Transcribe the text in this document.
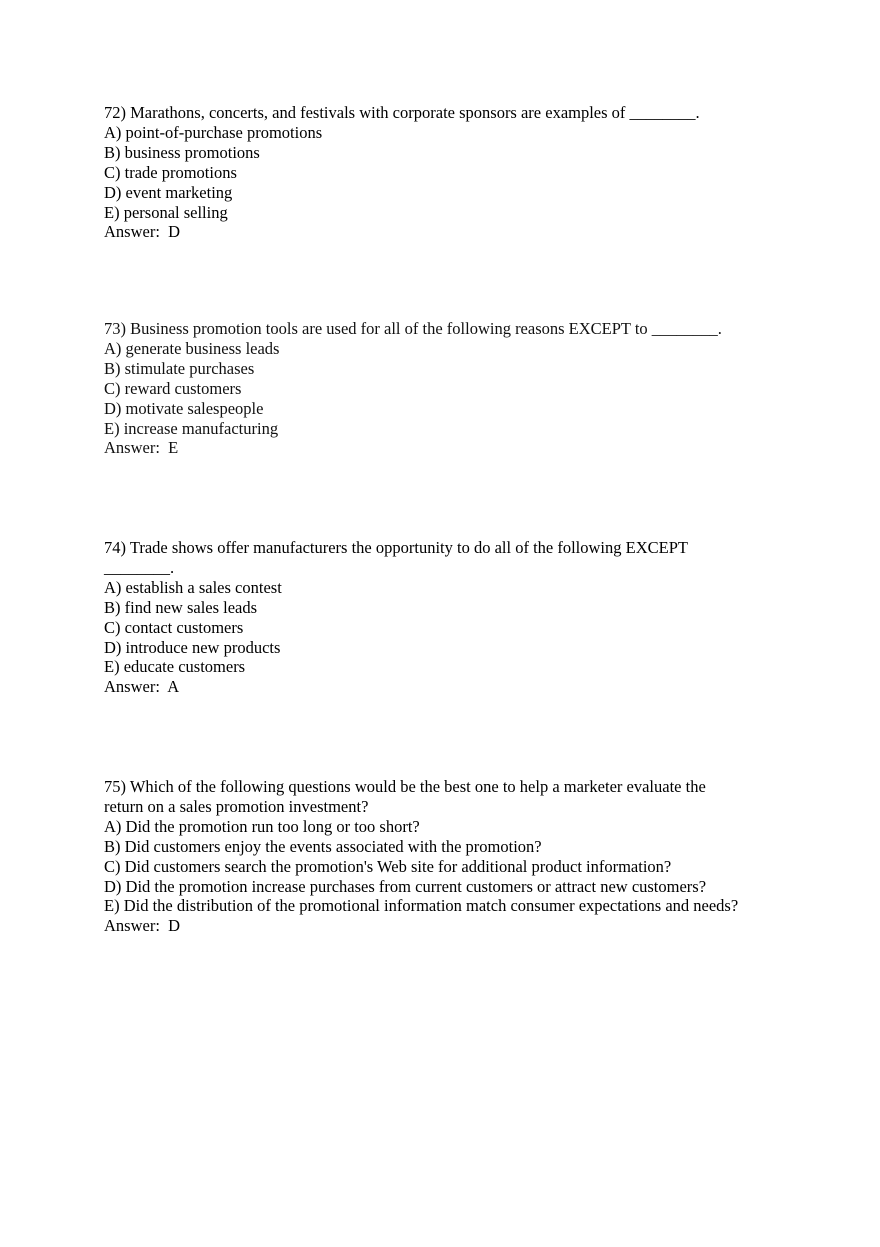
72) Marathons, concerts, and festivals with corporate sponsors are examples of ________.
A) point-of-purchase promotions
B) business promotions
C) trade promotions
D) event marketing
E) personal selling
Answer:  D
73) Business promotion tools are used for all of the following reasons EXCEPT to ________.
A) generate business leads
B) stimulate purchases
C) reward customers
D) motivate salespeople
E) increase manufacturing
Answer:  E
74) Trade shows offer manufacturers the opportunity to do all of the following EXCEPT ________.
A) establish a sales contest
B) find new sales leads
C) contact customers
D) introduce new products
E) educate customers
Answer:  A
75) Which of the following questions would be the best one to help a marketer evaluate the return on a sales promotion investment?
A) Did the promotion run too long or too short?
B) Did customers enjoy the events associated with the promotion?
C) Did customers search the promotion's Web site for additional product information?
D) Did the promotion increase purchases from current customers or attract new customers?
E) Did the distribution of the promotional information match consumer expectations and needs?
Answer:  D
